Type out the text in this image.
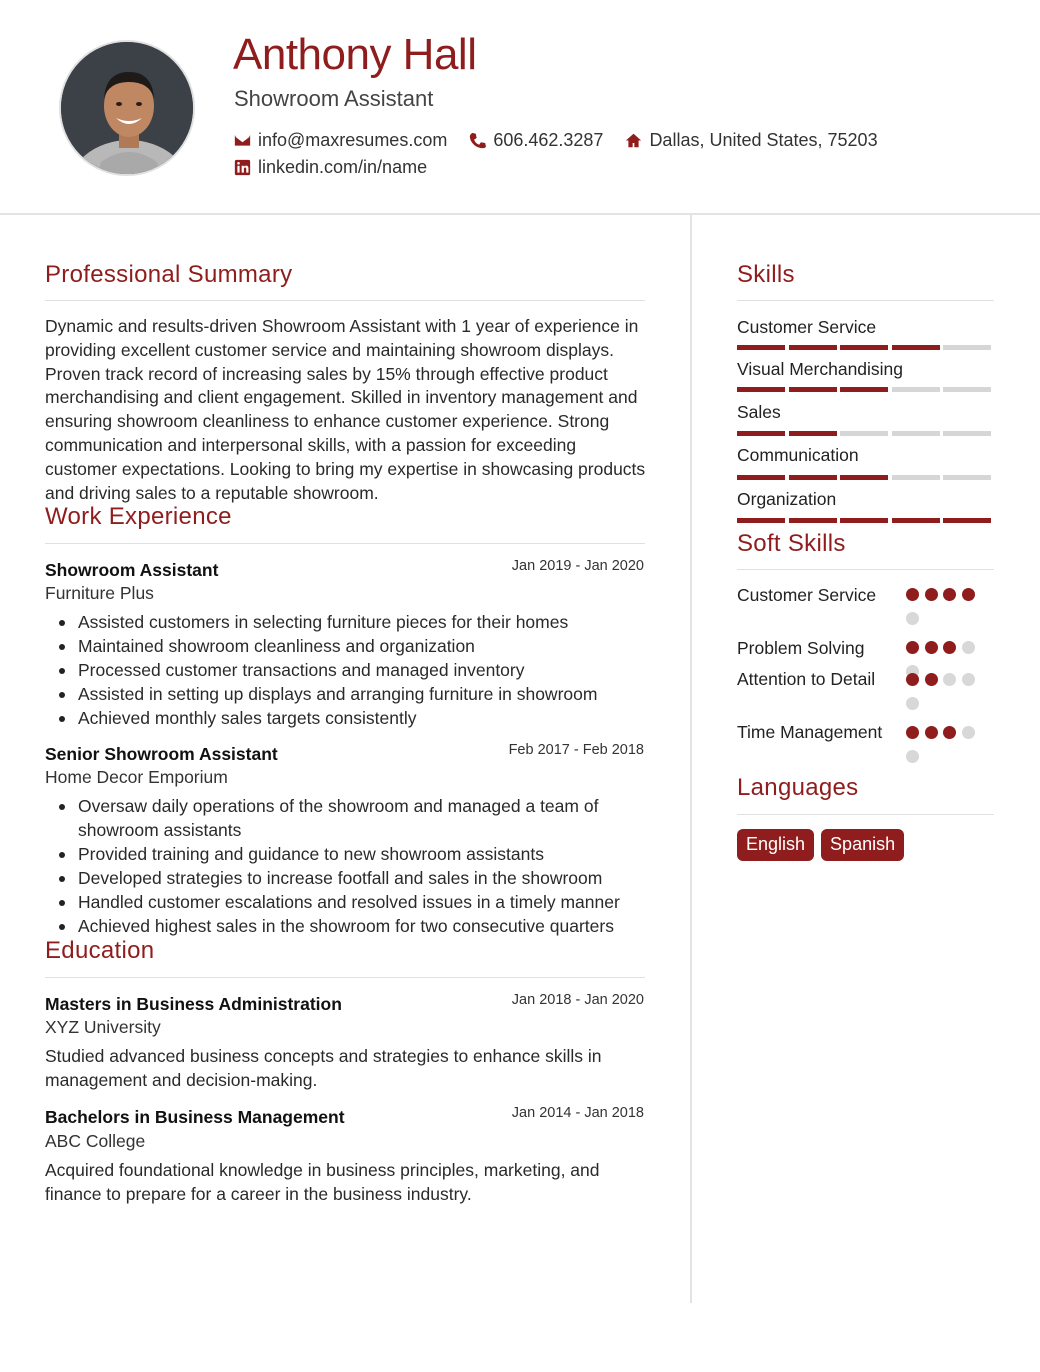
Anthony Hall
Showroom Assistant
info@maxresumes.com	606.462.3287	Dallas, United States, 75203
linkedin.com/in/name
Professional Summary
Dynamic and results-driven Showroom Assistant with 1 year of experience in providing excellent customer service and maintaining showroom displays. Proven track record of increasing sales by 15% through effective product merchandising and client engagement. Skilled in inventory management and ensuring showroom cleanliness to enhance customer experience. Strong communication and interpersonal skills, with a passion for exceeding customer expectations. Looking to bring my expertise in showcasing products and driving sales to a reputable showroom.
Work Experience
Showroom Assistant	Jan 2019 - Jan 2020
Furniture Plus
Assisted customers in selecting furniture pieces for their homes
Maintained showroom cleanliness and organization
Processed customer transactions and managed inventory
Assisted in setting up displays and arranging furniture in showroom
Achieved monthly sales targets consistently
Senior Showroom Assistant	Feb 2017 - Feb 2018
Home Decor Emporium
Oversaw daily operations of the showroom and managed a team of showroom assistants
Provided training and guidance to new showroom assistants
Developed strategies to increase footfall and sales in the showroom
Handled customer escalations and resolved issues in a timely manner
Achieved highest sales in the showroom for two consecutive quarters
Education
Masters in Business Administration	Jan 2018 - Jan 2020
XYZ University
Studied advanced business concepts and strategies to enhance skills in management and decision-making.
Bachelors in Business Management	Jan 2014 - Jan 2018
ABC College
Acquired foundational knowledge in business principles, marketing, and finance to prepare for a career in the business industry.
Skills
Customer Service
Visual Merchandising
Sales
Communication
Organization
Soft Skills
Customer Service
Problem Solving
Attention to Detail
Time Management
Languages
English	Spanish
